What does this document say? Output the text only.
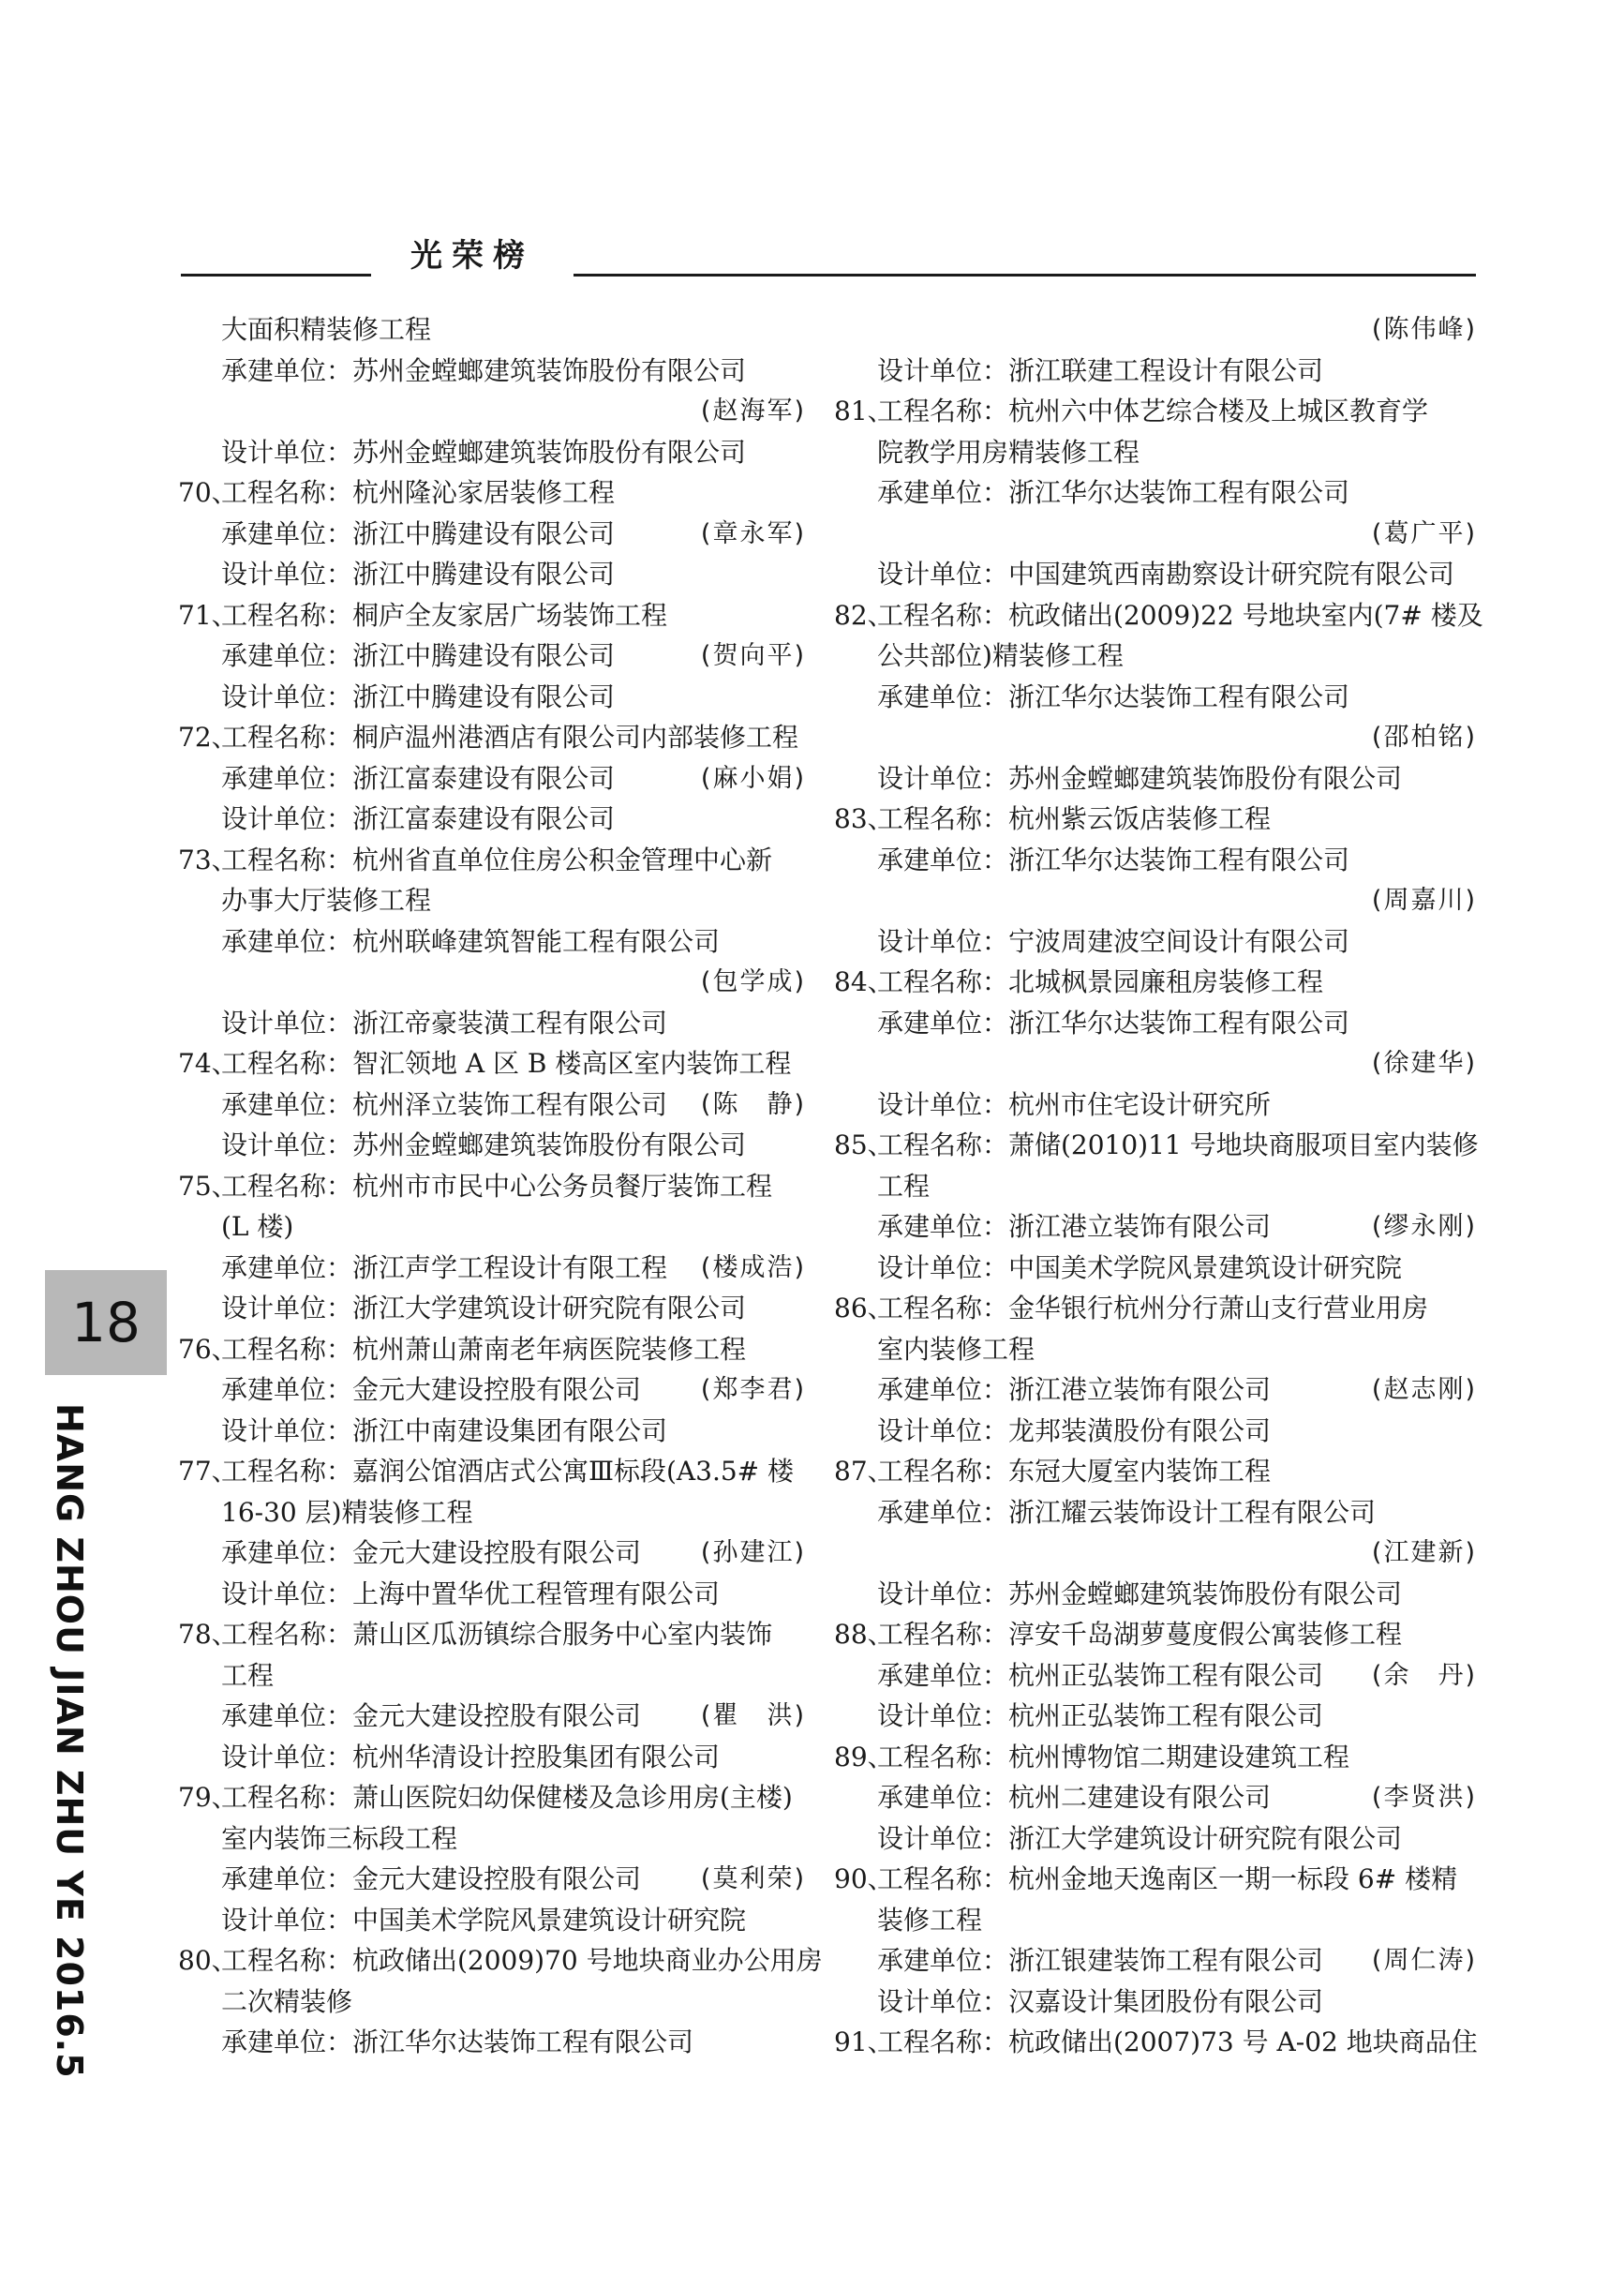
光荣榜
18
HANG ZHOU JIAN ZHU YE 2016.5
大面积精装修工程
承建单位：苏州金螳螂建筑装饰股份有限公司
(赵海军)
设计单位：苏州金螳螂建筑装饰股份有限公司
70、
工程名称：杭州隆沁家居装修工程
承建单位：浙江中腾建设有限公司	(章永军)
设计单位：浙江中腾建设有限公司
71、
工程名称：桐庐全友家居广场装饰工程
承建单位：浙江中腾建设有限公司	(贺向平)
设计单位：浙江中腾建设有限公司
72、
工程名称：桐庐温州港酒店有限公司内部装修工程
承建单位：浙江富泰建设有限公司	(麻小娟)
设计单位：浙江富泰建设有限公司
73、
工程名称：杭州省直单位住房公积金管理中心新
办事大厅装修工程
承建单位：杭州联峰建筑智能工程有限公司
(包学成)
设计单位：浙江帝豪装潢工程有限公司
74、
工程名称：智汇领地 A 区 B 楼高区室内装饰工程
承建单位：杭州泽立装饰工程有限公司 (陈　静)
设计单位：苏州金螳螂建筑装饰股份有限公司
75、
工程名称：杭州市市民中心公务员餐厅装饰工程
(L 楼)
承建单位：浙江声学工程设计有限工程 (楼成浩)
设计单位：浙江大学建筑设计研究院有限公司
76、
工程名称：杭州萧山萧南老年病医院装修工程
承建单位：金元大建设控股有限公司 (郑李君)
设计单位：浙江中南建设集团有限公司
77、
工程名称：嘉润公馆酒店式公寓Ⅲ标段(A3.5# 楼
16-30 层)精装修工程
承建单位：金元大建设控股有限公司 (孙建江)
设计单位：上海中置华优工程管理有限公司
78、
工程名称：萧山区瓜沥镇综合服务中心室内装饰
工程
承建单位：金元大建设控股有限公司 (瞿　洪)
设计单位：杭州华清设计控股集团有限公司
79、
工程名称：萧山医院妇幼保健楼及急诊用房(主楼)
室内装饰三标段工程
承建单位：金元大建设控股有限公司 (莫利荣)
设计单位：中国美术学院风景建筑设计研究院
80、
工程名称：杭政储出(2009)70 号地块商业办公用房
二次精装修
承建单位：浙江华尔达装饰工程有限公司
(陈伟峰)
设计单位：浙江联建工程设计有限公司
81、
工程名称：杭州六中体艺综合楼及上城区教育学
院教学用房精装修工程
承建单位：浙江华尔达装饰工程有限公司
(葛广平)
设计单位：中国建筑西南勘察设计研究院有限公司
82、
工程名称：杭政储出(2009)22 号地块室内(7# 楼及
公共部位)精装修工程
承建单位：浙江华尔达装饰工程有限公司
(邵柏铭)
设计单位：苏州金螳螂建筑装饰股份有限公司
83、
工程名称：杭州紫云饭店装修工程
承建单位：浙江华尔达装饰工程有限公司
(周嘉川)
设计单位：宁波周建波空间设计有限公司
84、
工程名称：北城枫景园廉租房装修工程
承建单位：浙江华尔达装饰工程有限公司
(徐建华)
设计单位：杭州市住宅设计研究所
85、
工程名称：萧储(2010)11 号地块商服项目室内装修
工程
承建单位：浙江港立装饰有限公司	(缪永刚)
设计单位：中国美术学院风景建筑设计研究院
86、
工程名称：金华银行杭州分行萧山支行营业用房
室内装修工程
承建单位：浙江港立装饰有限公司	(赵志刚)
设计单位：龙邦装潢股份有限公司
87、
工程名称：东冠大厦室内装饰工程
承建单位：浙江耀云装饰设计工程有限公司
(江建新)
设计单位：苏州金螳螂建筑装饰股份有限公司
88、
工程名称：淳安千岛湖萝蔓度假公寓装修工程
承建单位：杭州正弘装饰工程有限公司 (余　丹)
设计单位：杭州正弘装饰工程有限公司
89、
工程名称：杭州博物馆二期建设建筑工程
承建单位：杭州二建建设有限公司	(李贤洪)
设计单位：浙江大学建筑设计研究院有限公司
90、
工程名称：杭州金地天逸南区一期一标段 6# 楼精
装修工程
承建单位：浙江银建装饰工程有限公司 (周仁涛)
设计单位：汉嘉设计集团股份有限公司
91、
工程名称：杭政储出(2007)73 号 A-02 地块商品住
